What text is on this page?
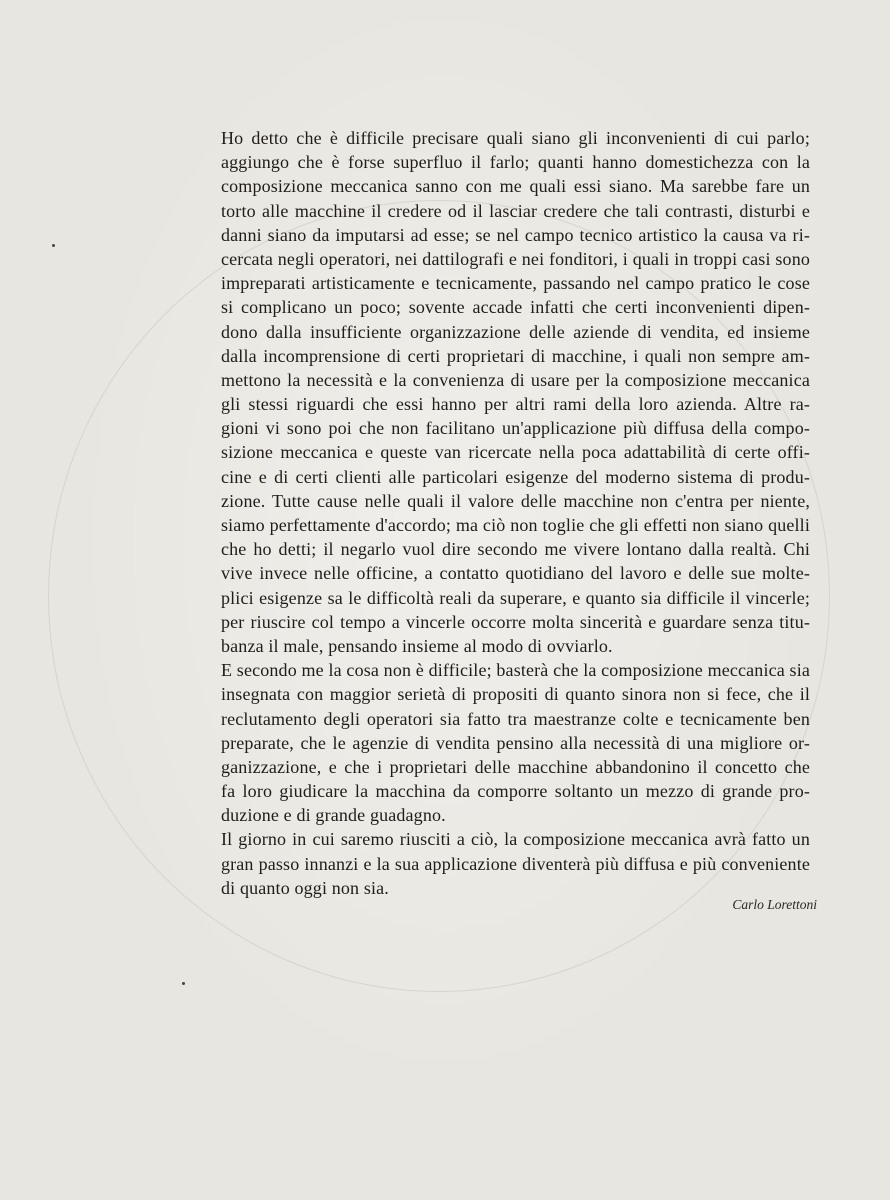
Ho detto che è difficile precisare quali siano gli inconvenienti di cui parlo;
aggiungo che è forse superfluo il farlo; quanti hanno domestichezza con la
composizione meccanica sanno con me quali essi siano. Ma sarebbe fare un
torto alle macchine il credere od il lasciar credere che tali contrasti, disturbi e
danni siano da imputarsi ad esse; se nel campo tecnico artistico la causa va ri-
cercata negli operatori, nei dattilografi e nei fonditori, i quali in troppi casi sono
impreparati artisticamente e tecnicamente, passando nel campo pratico le cose
si complicano un poco; sovente accade infatti che certi inconvenienti dipen-
dono dalla insufficiente organizzazione delle aziende di vendita, ed insieme
dalla incomprensione di certi proprietari di macchine, i quali non sempre am-
mettono la necessità e la convenienza di usare per la composizione meccanica
gli stessi riguardi che essi hanno per altri rami della loro azienda. Altre ra-
gioni vi sono poi che non facilitano un'applicazione più diffusa della compo-
sizione meccanica e queste van ricercate nella poca adattabilità di certe offi-
cine e di certi clienti alle particolari esigenze del moderno sistema di produ-
zione. Tutte cause nelle quali il valore delle macchine non c'entra per niente,
siamo perfettamente d'accordo; ma ciò non toglie che gli effetti non siano quelli
che ho detti; il negarlo vuol dire secondo me vivere lontano dalla realtà. Chi
vive invece nelle officine, a contatto quotidiano del lavoro e delle sue molte-
plici esigenze sa le difficoltà reali da superare, e quanto sia difficile il vincerle;
per riuscire col tempo a vincerle occorre molta sincerità e guardare senza titu-
banza il male, pensando insieme al modo di ovviarlo.
E secondo me la cosa non è difficile; basterà che la composizione meccanica sia
insegnata con maggior serietà di propositi di quanto sinora non si fece, che il
reclutamento degli operatori sia fatto tra maestranze colte e tecnicamente ben
preparate, che le agenzie di vendita pensino alla necessità di una migliore or-
ganizzazione, e che i proprietari delle macchine abbandonino il concetto che
fa loro giudicare la macchina da comporre soltanto un mezzo di grande pro-
duzione e di grande guadagno.
Il giorno in cui saremo riusciti a ciò, la composizione meccanica avrà fatto un
gran passo innanzi e la sua applicazione diventerà più diffusa e più conveniente
di quanto oggi non sia.
Carlo Lorettoni
